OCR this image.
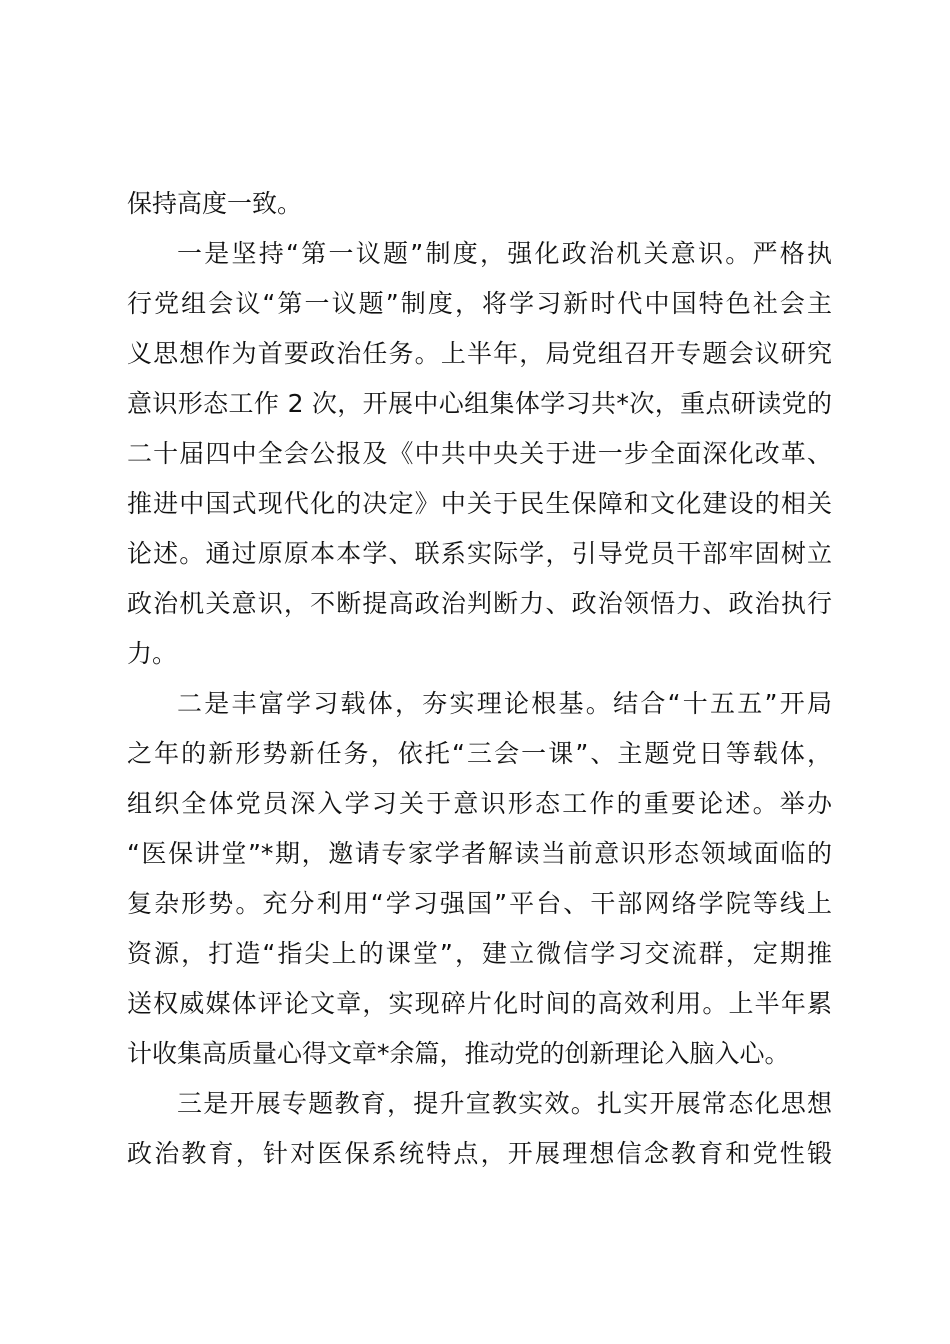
保持高度一致。
一是坚持“第一议题”制度，强化政治机关意识。严格执
行党组会议“第一议题”制度，将学习新时代中国特色社会主
义思想作为首要政治任务。上半年，局党组召开专题会议研究
意识形态工作 2 次，开展中心组集体学习共*次，重点研读党的
二十届四中全会公报及《中共中央关于进一步全面深化改革、
推进中国式现代化的决定》中关于民生保障和文化建设的相关
论述。通过原原本本学、联系实际学，引导党员干部牢固树立
政治机关意识，不断提高政治判断力、政治领悟力、政治执行
力。
二是丰富学习载体，夯实理论根基。结合“十五五”开局
之年的新形势新任务，依托“三会一课”、主题党日等载体，
组织全体党员深入学习关于意识形态工作的重要论述。举办
“医保讲堂”*期，邀请专家学者解读当前意识形态领域面临的
复杂形势。充分利用“学习强国”平台、干部网络学院等线上
资源，打造“指尖上的课堂”，建立微信学习交流群，定期推
送权威媒体评论文章，实现碎片化时间的高效利用。上半年累
计收集高质量心得文章*余篇，推动党的创新理论入脑入心。
三是开展专题教育，提升宣教实效。扎实开展常态化思想
政治教育，针对医保系统特点，开展理想信念教育和党性锻
